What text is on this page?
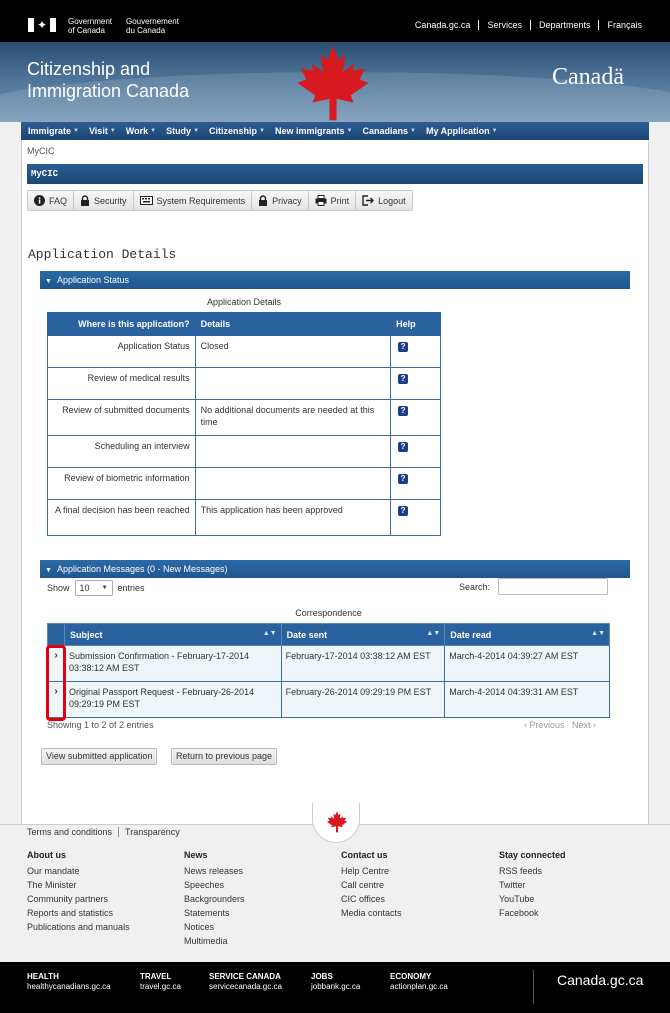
✦	Government
of Canada
Gouvernement
du Canada
Canada.gc.ca Services Departments Français
Citizenship and
Immigration Canada
Canadä
Immigrate ▼ Visit ▼ Work ▼ Study ▼ Citizenship ▼ New immigrants ▼ Canadians ▼ My Application ▼
MyCIC
MyCIC
FAQ	Security	System Requirements	Privacy	Print	Logout
Application Details
▼ Application Status
Application Details
Where is this application?	Details	Help
Application Status	Closed	?
Review of medical results		?
Review of submitted documents	No additional documents are needed at this time	?
Scheduling an interview		?
Review of biometric information		?
A final decision has been reached	This application has been approved	?
▼ Application Messages (0 - New Messages)
Show 10 ▼ entries	Search:
Correspondence
	Subject ▲▼	Date sent ▲▼	Date read ▲▼

›	Submission Confirmation - February-17-2014 03:38:12 AM EST	February-17-2014 03:38:12 AM EST	March-4-2014 04:39:27 AM EST
›	Original Passport Request - February-26-2014 09:29:19 PM EST	February-26-2014 09:29:19 PM EST	March-4-2014 04:39:31 AM EST
Showing 1 to 2 of 2 entries	‹ Previous Next ›
View submitted application	Return to previous page
Terms and conditions Transparency
About us
Our mandate
The Minister
Community partners
Reports and statistics
Publications and manuals
News
News releases
Speeches
Backgrounders
Statements
Notices
Multimedia
Contact us
Help Centre
Call centre
CIC offices
Media contacts
Stay connected
RSS feeds
Twitter
YouTube
Facebook
HEALTH
healthycanadians.gc.ca
TRAVEL
travel.gc.ca
SERVICE CANADA
servicecanada.gc.ca
JOBS
jobbank.gc.ca
ECONOMY
actionplan.gc.ca	Canada.gc.ca
